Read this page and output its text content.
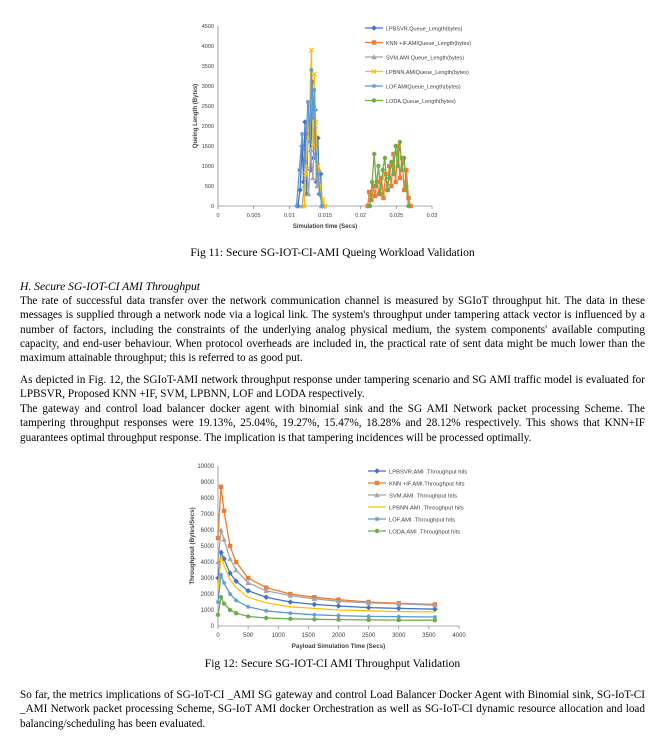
0	0.005	0.01	0.015	0.02	0.025	0.03
0
500
1000
1500
2000
2500
3000
3500
4000
4500
Simulation time (Secs)
Queing Length (Bytes)
LPBSVR.Queue_Length(bytes)
KNN +IF.AMIQueue_Length(bytes)
SVM.AMI Queue_Length(bytes)
LPBNN.AMIQueue_Length(bytes)
LOF.AMIQueue_Length(bytes)
LODA.Queue_Length(bytes)
Fig 11: Secure SG-IOT-CI-AMI Queing Workload Validation
H. Secure SG-IOT-CI AMI Throughput

The rate of successful data transfer over the network communication channel is measured by SGIoT throughput hit. The data in these messages is supplied through a network node via a logical link. The system's throughput under tampering attack vector is influenced by a number of factors, including the constraints of the underlying analog physical medium, the system components' available computing capacity, and end-user behaviour. When protocol overheads are included in, the practical rate of sent data might be much lower than the maximum attainable throughput; this is referred to as good put.

As depicted in Fig. 12, the SGIoT-AMI network throughput response under tampering scenario and SG AMI traffic model is evaluated for LPBSVR, Proposed KNN +IF, SVM, LPBNN, LOF and LODA respectively.

The gateway and control load balancer docker agent with binomial sink and the SG AMI Network packet processing Scheme. The tampering throughput responses were 19.13%, 25.04%, 19.27%, 15.47%, 18.28% and 28.12% respectively. This shows that KNN+IF guarantees optimal throughput response. The implication is that tampering incidences will be processed optimally.

0	500	1000	1500	2000	2500	3000	3500	4000
0
1000
2000
3000
4000
5000
6000
7000
8000
9000
10000
Payload Simulation Time (Secs)
Throughpout (Bytes/Secs)
LPBSVR.AMI .Throughput hits
KNN +IF.AMI.Throughput hits
SVM.AMI .Throughput hits
LPBNN.AMI .Throughput hits
LOF.AMI .Throughput hits
LODA.AMI .Throughput hits
Fig 12: Secure SG-IOT-CI AMI Throughput Validation

So far, the metrics implications of SG-IoT-CI _AMI SG gateway and control Load Balancer Docker Agent with Binomial sink, SG-IoT-CI _AMI Network packet processing Scheme, SG-IoT AMI docker Orchestration as well as SG-IoT-CI dynamic resource allocation and load balancing/scheduling has been evaluated.
